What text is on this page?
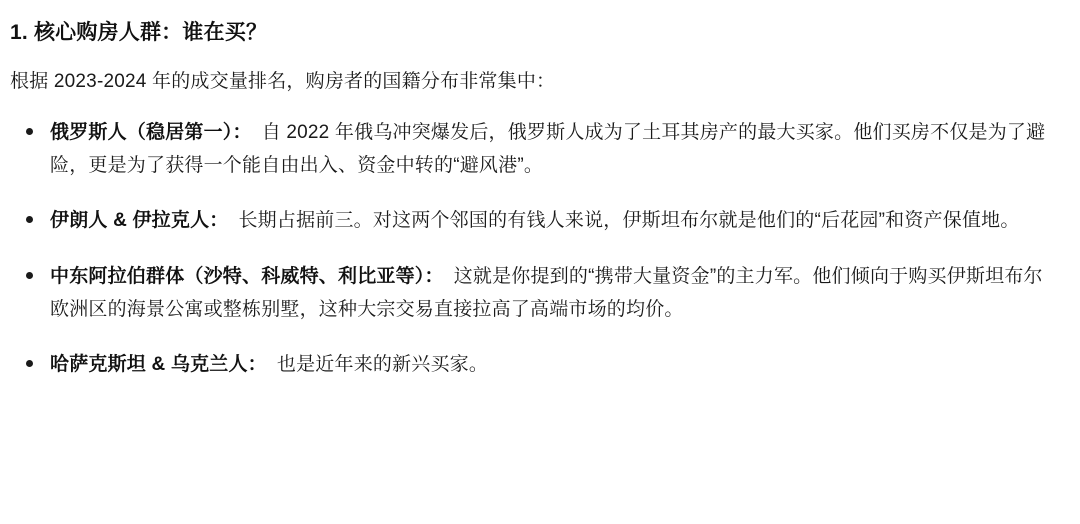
1. 核心购房人群：谁在买？

根据 2023-2024 年的成交量排名，购房者的国籍分布非常集中：

俄罗斯人（稳居第一）： 自 2022 年俄乌冲突爆发后，俄罗斯人成为了土耳其房产的最大买家。他们买房不仅是为了避险，更是为了获得一个能自由出入、资金中转的“避风港”。
伊朗人 & 伊拉克人： 长期占据前三。对这两个邻国的有钱人来说，伊斯坦布尔就是他们的“后花园”和资产保值地。
中东阿拉伯群体（沙特、科威特、利比亚等）： 这就是你提到的“携带大量资金”的主力军。他们倾向于购买伊斯坦布尔欧洲区的海景公寓或整栋别墅，这种大宗交易直接拉高了高端市场的均价。
哈萨克斯坦 & 乌克兰人： 也是近年来的新兴买家。
